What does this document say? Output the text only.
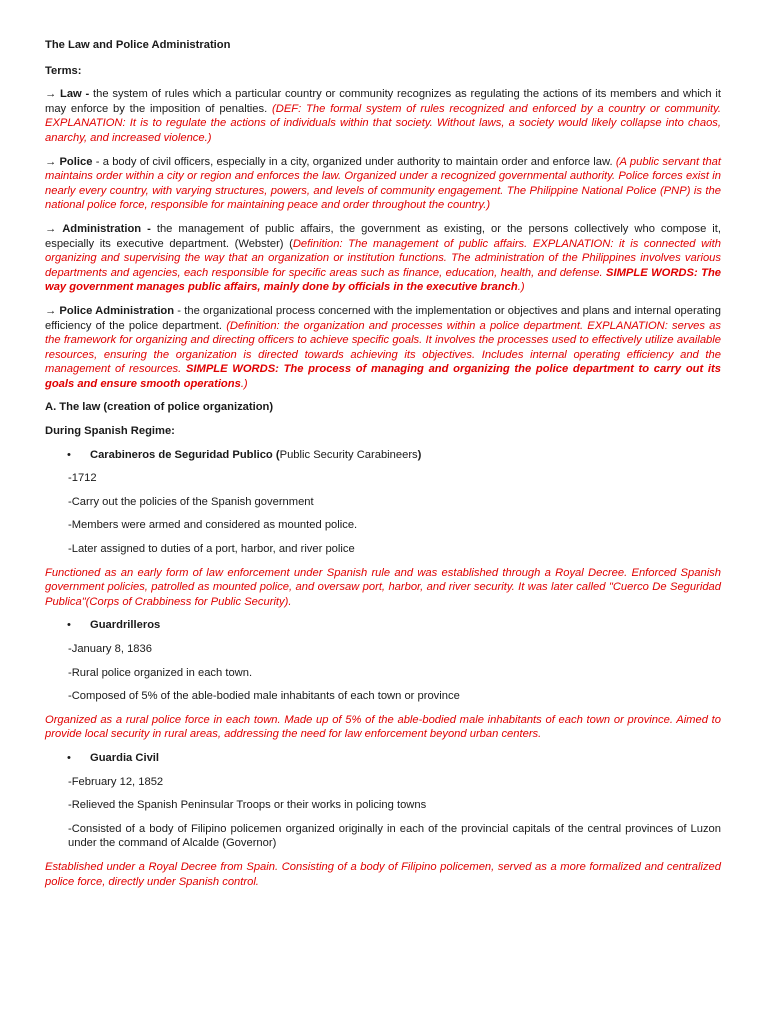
The Law and Police Administration

Terms:

→ Law - the system of rules which a particular country or community recognizes as regulating the actions of its members and which it may enforce by the imposition of penalties. (DEF: The formal system of rules recognized and enforced by a country or community. EXPLANATION: It is to regulate the actions of individuals within that society. Without laws, a society would likely collapse into chaos, anarchy, and increased violence.)

→ Police - a body of civil officers, especially in a city, organized under authority to maintain order and enforce law. (A public servant that maintains order within a city or region and enforces the law. Organized under a recognized governmental authority. Police forces exist in nearly every country, with varying structures, powers, and levels of community engagement. The Philippine National Police (PNP) is the national police force, responsible for maintaining peace and order throughout the country.)

→ Administration - the management of public affairs, the government as existing, or the persons collectively who compose it, especially its executive department. (Webster) (Definition: The management of public affairs. EXPLANATION: it is connected with organizing and supervising the way that an organization or institution functions. The administration of the Philippines involves various departments and agencies, each responsible for specific areas such as finance, education, health, and defense. SIMPLE WORDS: The way government manages public affairs, mainly done by officials in the executive branch.)

→ Police Administration - the organizational process concerned with the implementation or objectives and plans and internal operating efficiency of the police department. (Definition: the organization and processes within a police department. EXPLANATION: serves as the framework for organizing and directing officers to achieve specific goals. It involves the processes used to effectively utilize available resources, ensuring the organization is directed towards achieving its objectives. Includes internal operating efficiency and the management of resources. SIMPLE WORDS: The process of managing and organizing the police department to carry out its goals and ensure smooth operations.)

A. The law (creation of police organization)

During Spanish Regime:

• Carabineros de Seguridad Publico (Public Security Carabineers)

-1712

-Carry out the policies of the Spanish government

-Members were armed and considered as mounted police.

-Later assigned to duties of a port, harbor, and river police

Functioned as an early form of law enforcement under Spanish rule and was established through a Royal Decree. Enforced Spanish government policies, patrolled as mounted police, and oversaw port, harbor, and river security. It was later called "Cuerco De Seguridad Publica"(Corps of Crabbiness for Public Security).

• Guardrilleros

-January 8, 1836

-Rural police organized in each town.

-Composed of 5% of the able-bodied male inhabitants of each town or province

Organized as a rural police force in each town. Made up of 5% of the able-bodied male inhabitants of each town or province. Aimed to provide local security in rural areas, addressing the need for law enforcement beyond urban centers.

• Guardia Civil

-February 12, 1852

-Relieved the Spanish Peninsular Troops or their works in policing towns

-Consisted of a body of Filipino policemen organized originally in each of the provincial capitals of the central provinces of Luzon under the command of Alcalde (Governor)

Established under a Royal Decree from Spain. Consisting of a body of Filipino policemen, served as a more formalized and centralized police force, directly under Spanish control.
